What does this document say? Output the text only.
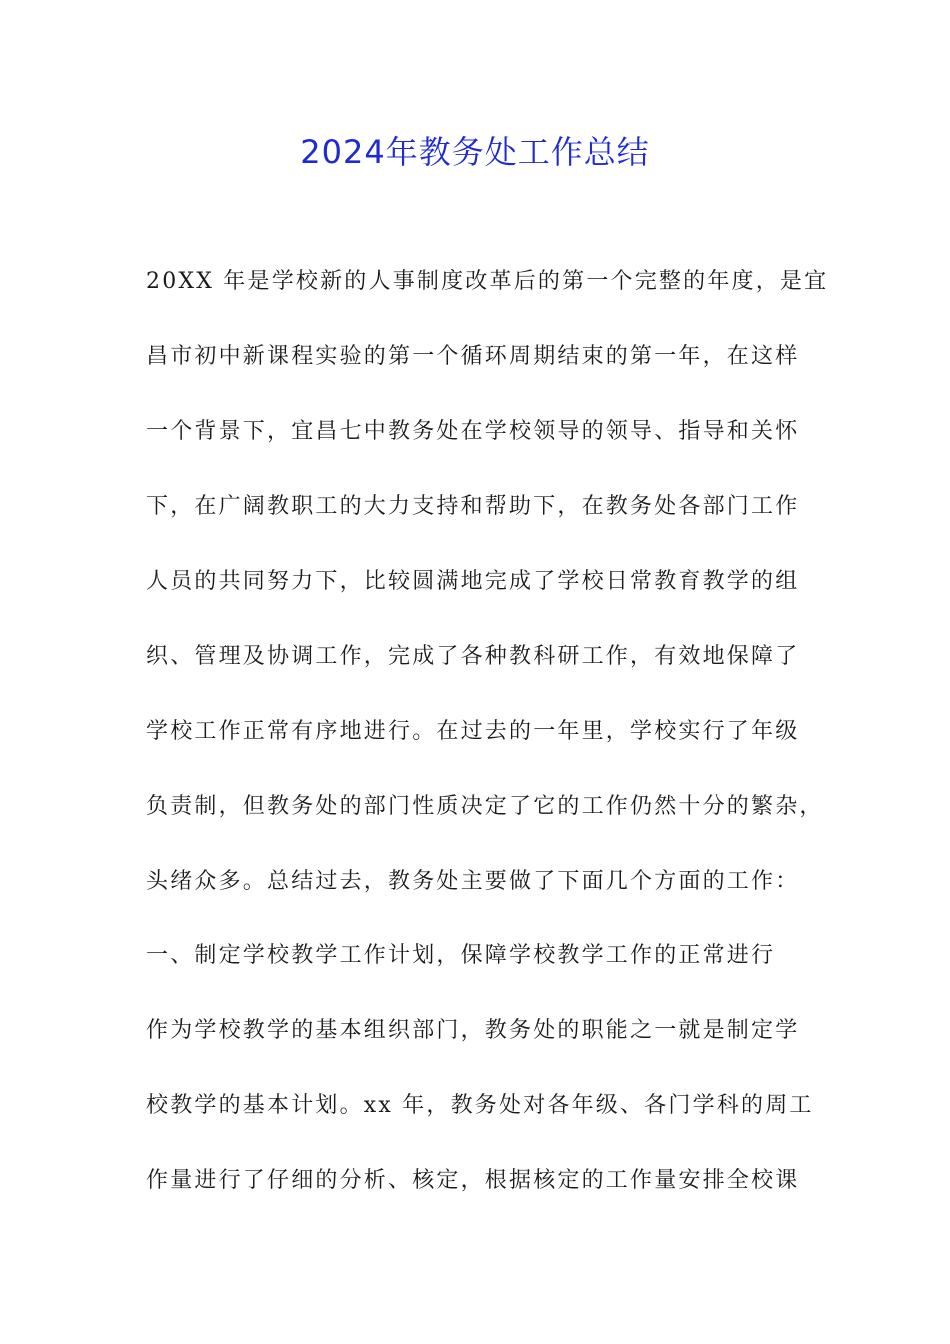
2024年教务处工作总结
20XX 年是学校新的人事制度改革后的第一个完整的年度，是宜
昌市初中新课程实验的第一个循环周期结束的第一年，在这样
一个背景下，宜昌七中教务处在学校领导的领导、指导和关怀
下，在广阔教职工的大力支持和帮助下，在教务处各部门工作
人员的共同努力下，比较圆满地完成了学校日常教育教学的组
织、管理及协调工作，完成了各种教科研工作，有效地保障了
学校工作正常有序地进行。在过去的一年里，学校实行了年级
负责制，但教务处的部门性质决定了它的工作仍然十分的繁杂，
头绪众多。总结过去，教务处主要做了下面几个方面的工作：
一、制定学校教学工作计划，保障学校教学工作的正常进行
作为学校教学的基本组织部门，教务处的职能之一就是制定学
校教学的基本计划。xx 年，教务处对各年级、各门学科的周工
作量进行了仔细的分析、核定，根据核定的工作量安排全校课
